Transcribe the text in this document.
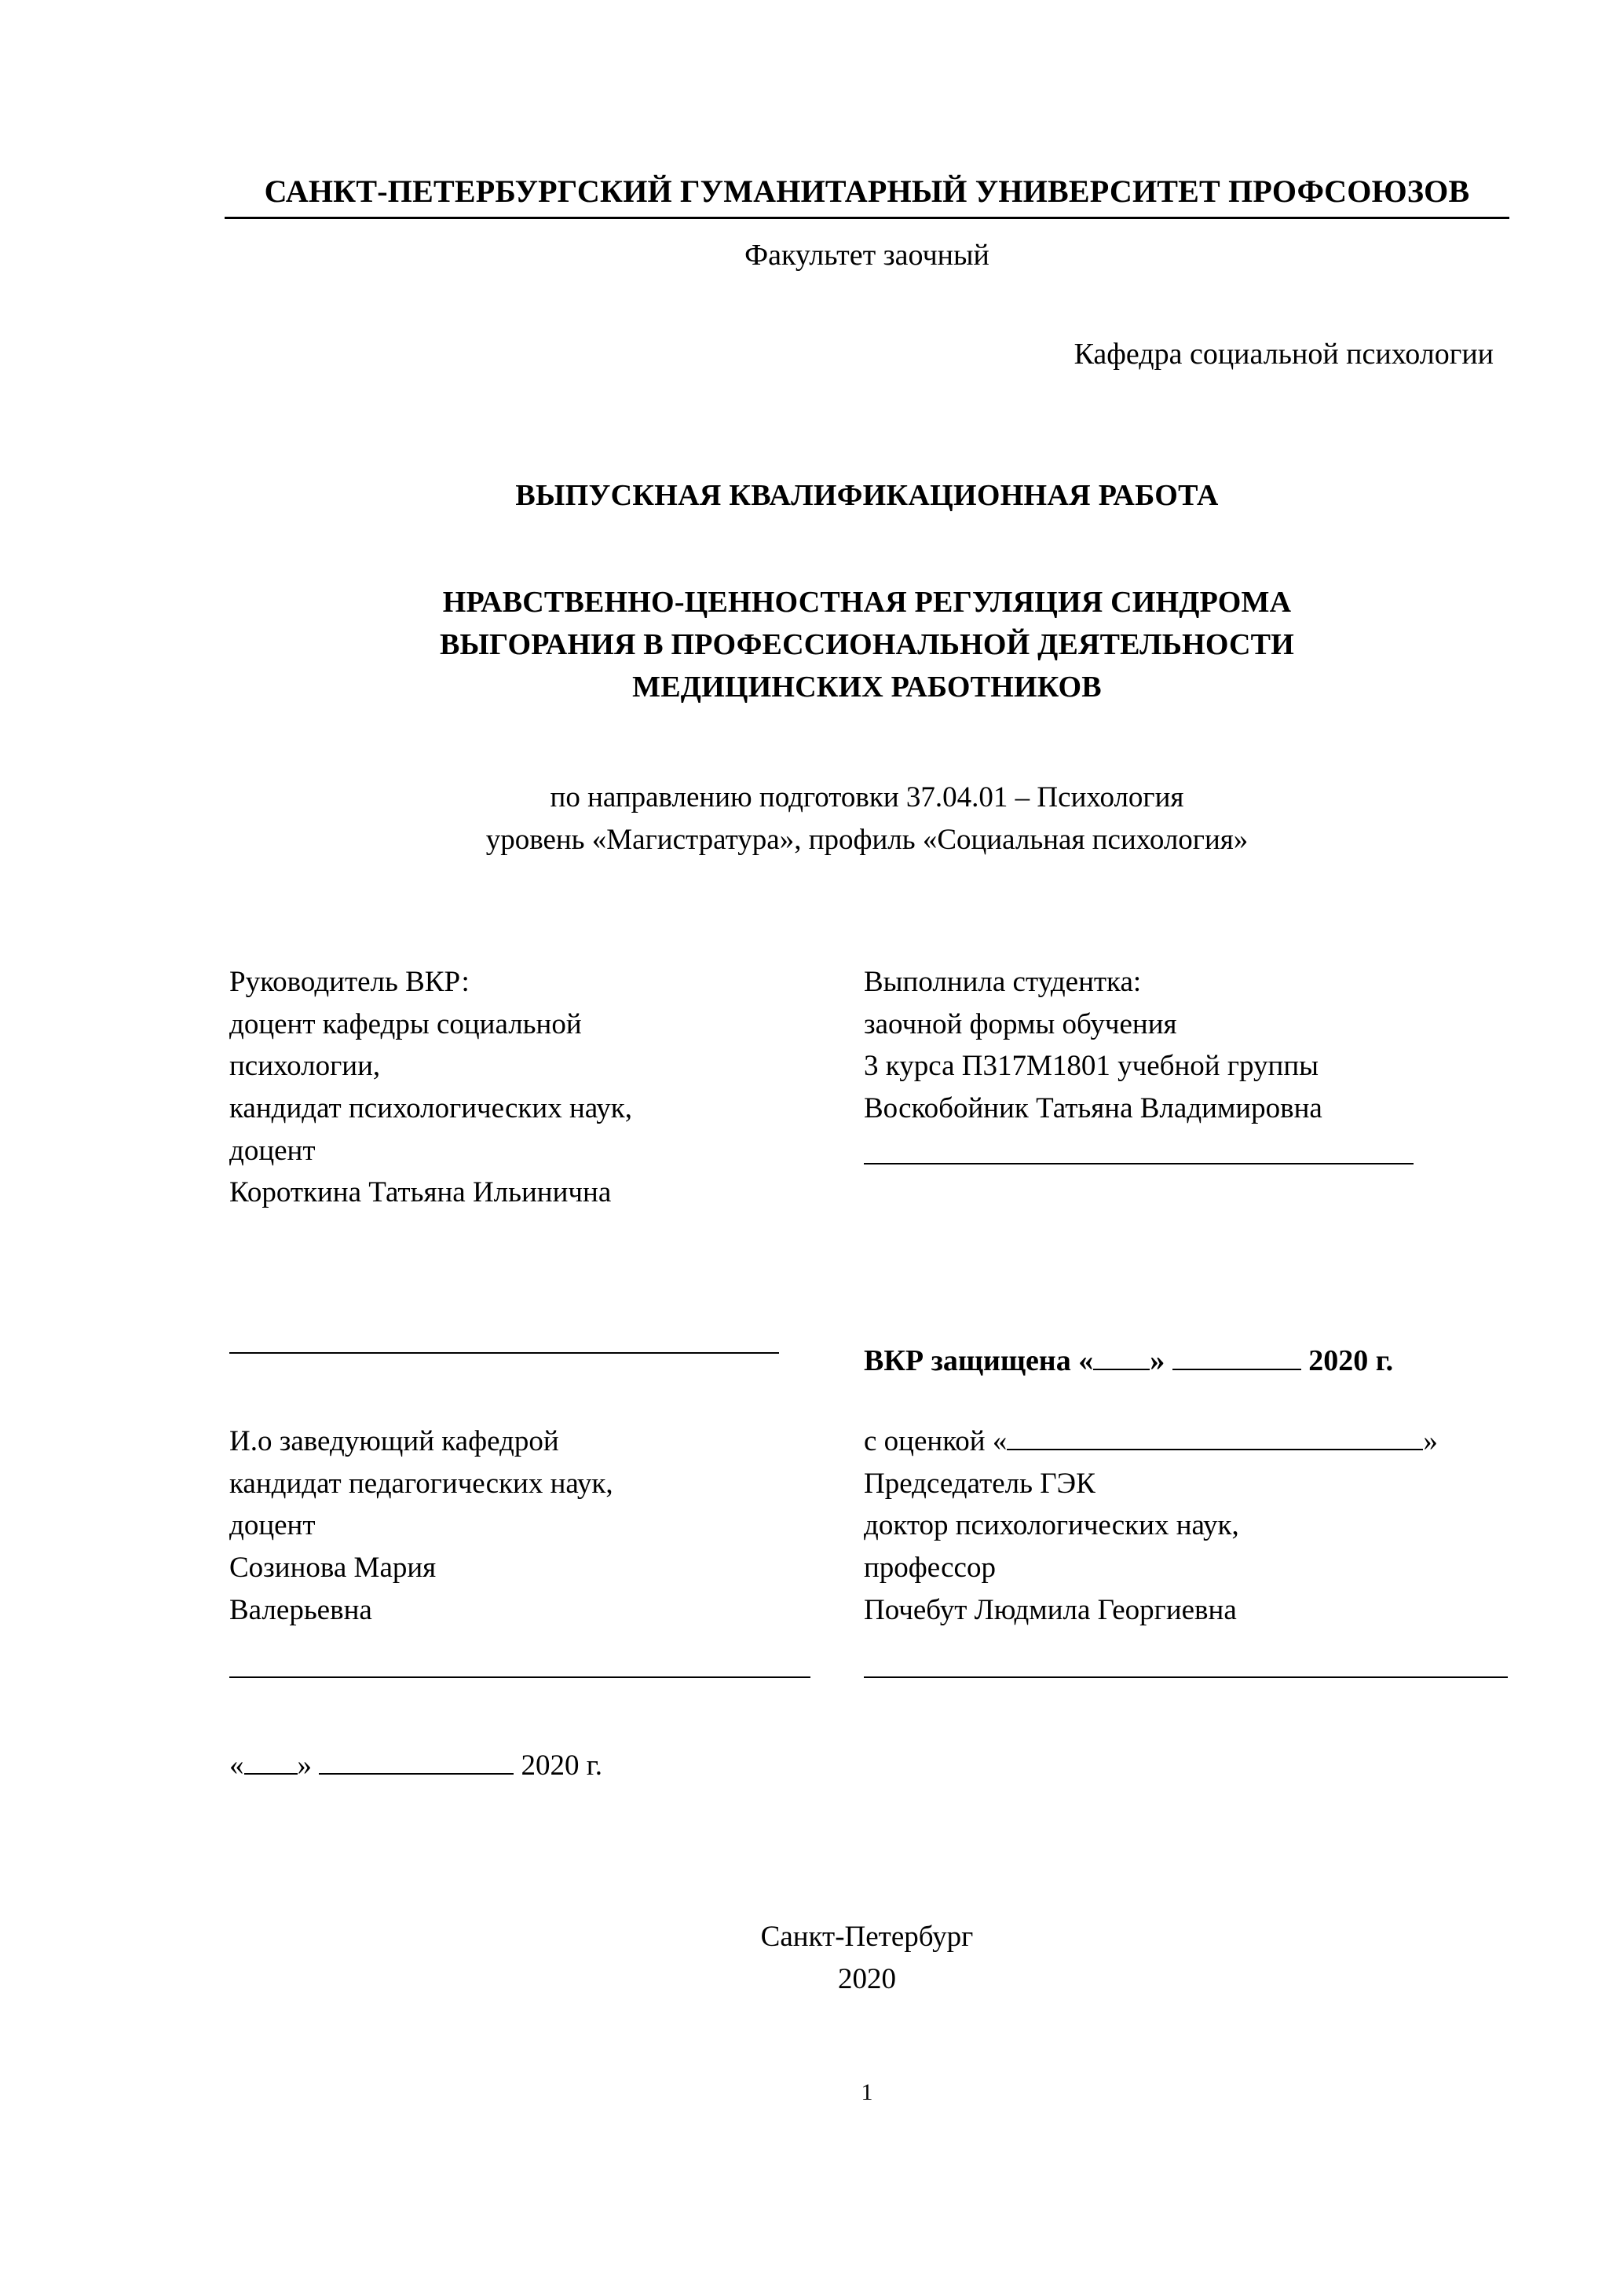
САНКТ-ПЕТЕРБУРГСКИЙ ГУМАНИТАРНЫЙ УНИВЕРСИТЕТ ПРОФСОЮЗОВ
Факультет заочный
Кафедра социальной психологии
ВЫПУСКНАЯ КВАЛИФИКАЦИОННАЯ РАБОТА
НРАВСТВЕННО-ЦЕННОСТНАЯ РЕГУЛЯЦИЯ СИНДРОМА
ВЫГОРАНИЯ В ПРОФЕССИОНАЛЬНОЙ ДЕЯТЕЛЬНОСТИ
МЕДИЦИНСКИХ РАБОТНИКОВ
по направлению подготовки 37.04.01 – Психология
уровень «Магистратура», профиль «Социальная психология»
Руководитель ВКР:
доцент кафедры социальной
психологии,
кандидат психологических наук,
доцент
Короткина Татьяна Ильинична
Выполнила студентка:
заочной формы обучения
3 курса П317М1801 учебной группы
Воскобойник Татьяна Владимировна
ВКР защищена « »	2020 г.
И.о заведующий кафедрой
кандидат педагогических наук,
доцент
Созинова Мария
Валерьевна
с оценкой «	»
Председатель ГЭК
доктор психологических наук,
профессор
Почебут Людмила Георгиевна
« »	2020 г.
Санкт-Петербург
2020
1
